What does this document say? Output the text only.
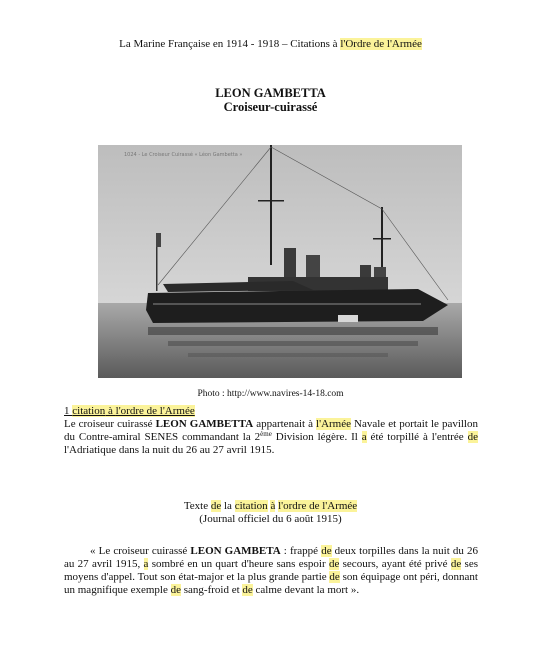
La Marine Française en 1914 - 1918 – Citations à l'Ordre de l'Armée
LEON GAMBETTA
Croiseur-cuirassé
1024 - Le Croiseur Cuirassé « Léon Gambetta »
Photo : http://www.navires-14-18.com
1 citation à l'ordre de l'Armée

Le croiseur cuirassé LEON GAMBETTA appartenait à l'Armée Navale et portait le pavillon du Contre-amiral SENES commandant la 2ème Division légère. Il a été torpillé à l'entrée de l'Adriatique dans la nuit du 26 au 27 avril 1915.

Texte de la citation à l'ordre de l'Armée
(Journal officiel du 6 août 1915)

« Le croiseur cuirassé LEON GAMBETA : frappé de deux torpilles dans la nuit du 26 au 27 avril 1915, a sombré en un quart d'heure sans espoir de secours, ayant été privé de ses moyens d'appel. Tout son état-major et la plus grande partie de son équipage ont péri, donnant un magnifique exemple de sang-froid et de calme devant la mort ».
